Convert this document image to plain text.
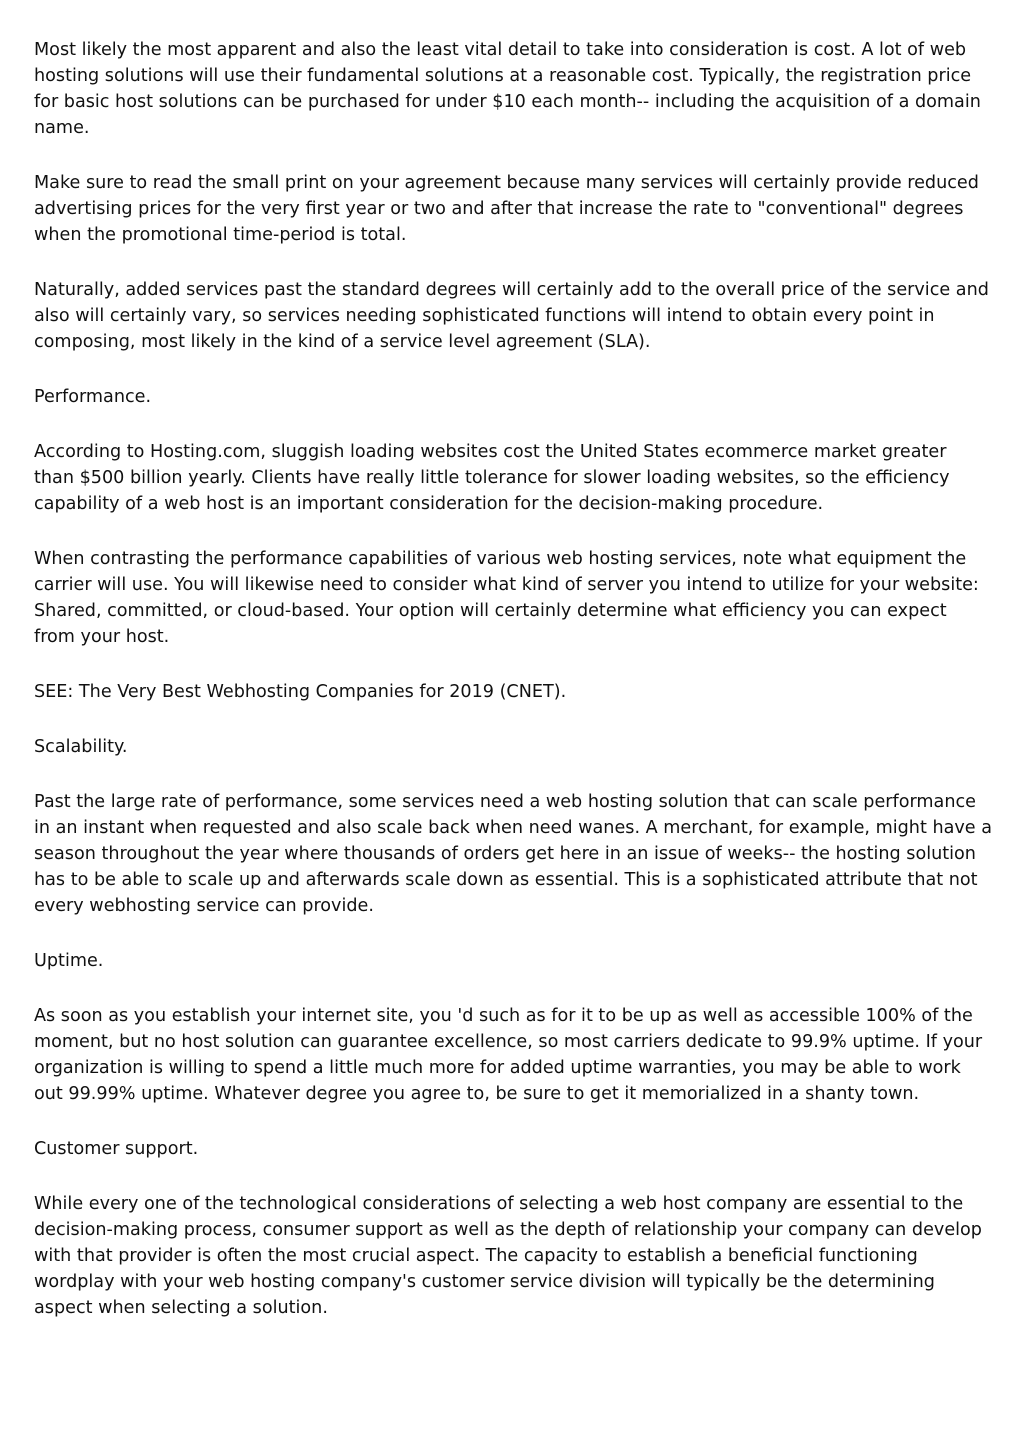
Most likely the most apparent and also the least vital detail to take into consideration is cost. A lot of web hosting solutions will use their fundamental solutions at a reasonable cost. Typically, the registration price for basic host solutions can be purchased for under $10 each month-- including the acquisition of a domain name.

Make sure to read the small print on your agreement because many services will certainly provide reduced advertising prices for the very first year or two and after that increase the rate to "conventional" degrees when the promotional time-period is total.

Naturally, added services past the standard degrees will certainly add to the overall price of the service and also will certainly vary, so services needing sophisticated functions will intend to obtain every point in composing, most likely in the kind of a service level agreement (SLA).

Performance.

According to Hosting.com, sluggish loading websites cost the United States ecommerce market greater than $500 billion yearly. Clients have really little tolerance for slower loading websites, so the efficiency capability of a web host is an important consideration for the decision-making procedure.

When contrasting the performance capabilities of various web hosting services, note what equipment the carrier will use. You will likewise need to consider what kind of server you intend to utilize for your website: Shared, committed, or cloud-based. Your option will certainly determine what efficiency you can expect from your host.

SEE: The Very Best Webhosting Companies for 2019 (CNET).

Scalability.

Past the large rate of performance, some services need a web hosting solution that can scale performance in an instant when requested and also scale back when need wanes. A merchant, for example, might have a season throughout the year where thousands of orders get here in an issue of weeks-- the hosting solution has to be able to scale up and afterwards scale down as essential. This is a sophisticated attribute that not every webhosting service can provide.

Uptime.

As soon as you establish your internet site, you 'd such as for it to be up as well as accessible 100% of the moment, but no host solution can guarantee excellence, so most carriers dedicate to 99.9% uptime. If your organization is willing to spend a little much more for added uptime warranties, you may be able to work out 99.99% uptime. Whatever degree you agree to, be sure to get it memorialized in a shanty town.

Customer support.

While every one of the technological considerations of selecting a web host company are essential to the decision-making process, consumer support as well as the depth of relationship your company can develop with that provider is often the most crucial aspect. The capacity to establish a beneficial functioning wordplay with your web hosting company's customer service division will typically be the determining aspect when selecting a solution.
